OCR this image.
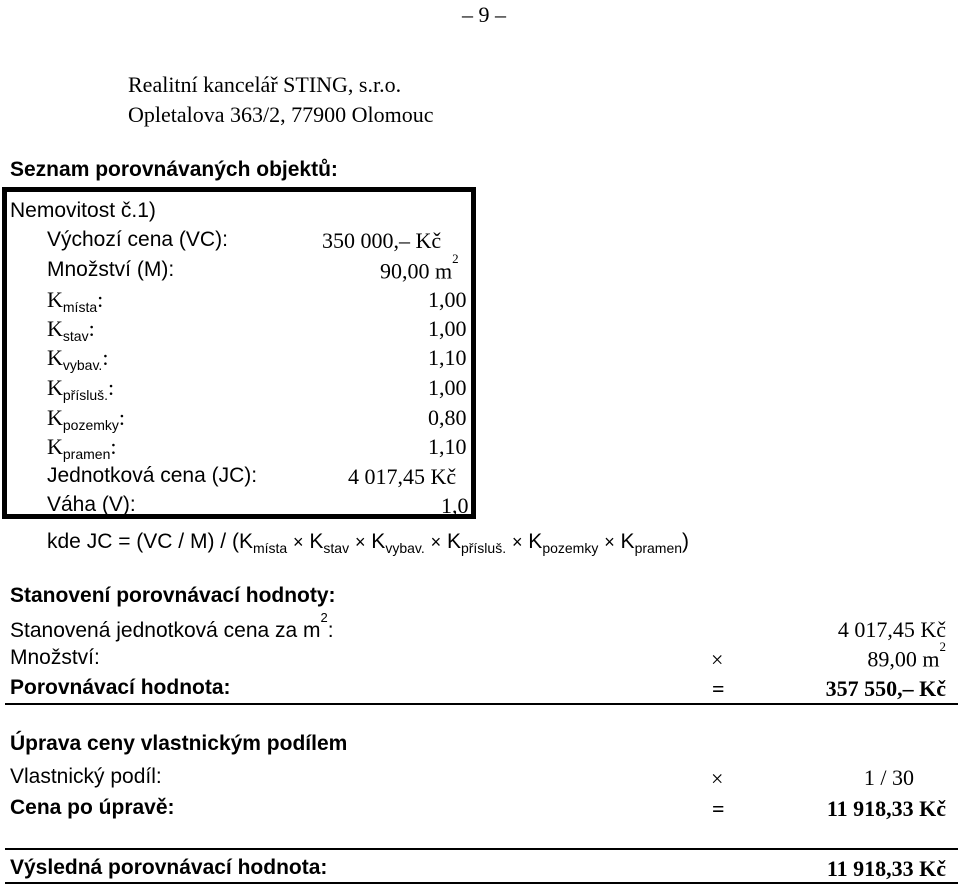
– 9 –
Realitní kancelář STING, s.r.o.
Opletalova 363/2, 77900 Olomouc
Seznam porovnávaných objektů:
Nemovitost č.1)
Výchozí cena (VC):	350 000,– Kč
Množství (M):	90,00 $m^2$
$K_{místa}$:	1,00
$K_{stav}$:	1,00
$K_{vybav.}$:	1,10
$K_{přísluš.}$:	1,00
$K_{pozemky}$:	0,80
$K_{pramen}$:	1,10
Jednotková cena (JC):	4 017,45 Kč
Váha (V):	1,0
kde JC = $(VC / M) / (K_{místa} \times K_{stav} \times K_{vybav.} \times K_{přísluš.} \times K_{pozemky} \times K_{pramen})$
Stanovení porovnávací hodnoty:
Stanovená jednotková cena za $m^2$:	4 017,45 Kč
Množství:	×	89,00 $m^2$
Porovnávací hodnota:	=	357 550,– Kč
Úprava ceny vlastnickým podílem
Vlastnický podíl:	×	1 / 30
Cena po úpravě:	=	11 918,33 Kč
Výsledná porovnávací hodnota:	11 918,33 Kč
